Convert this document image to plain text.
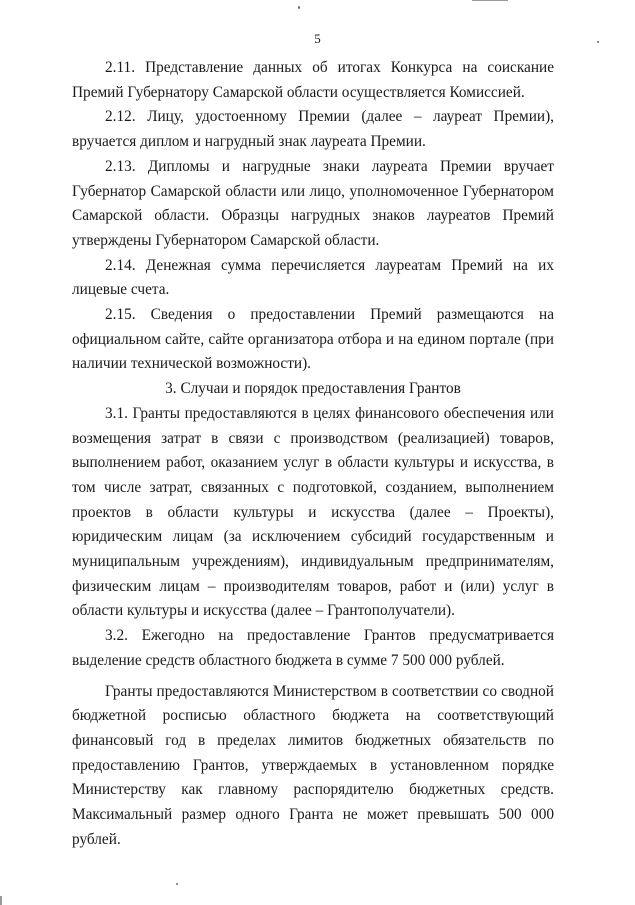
5

2.11. Представление данных об итогах Конкурса на соискание Премий Губернатору Самарской области осуществляется Комиссией.

2.12. Лицу, удостоенному Премии (далее – лауреат Премии), вручается диплом и нагрудный знак лауреата Премии.

2.13. Дипломы и нагрудные знаки лауреата Премии вручает Губернатор Самарской области или лицо, уполномоченное Губернатором Самарской области. Образцы нагрудных знаков лауреатов Премий утверждены Губернатором Самарской области.

2.14. Денежная сумма перечисляется лауреатам Премий на их лицевые счета.

2.15. Сведения о предоставлении Премий размещаются на официальном сайте, сайте организатора отбора и на едином портале (при наличии технической возможности).

3. Случаи и порядок предоставления Грантов

3.1. Гранты предоставляются в целях финансового обеспечения или возмещения затрат в связи с производством (реализацией) товаров, выполнением работ, оказанием услуг в области культуры и искусства, в том числе затрат, связанных с подготовкой, созданием, выполнением проектов в области культуры и искусства (далее – Проекты), юридическим лицам (за исключением субсидий государственным и муниципальным учреждениям), индивидуальным предпринимателям, физическим лицам – производителям товаров, работ и (или) услуг в области культуры и искусства (далее – Грантополучатели).

3.2. Ежегодно на предоставление Грантов предусматривается выделение средств областного бюджета в сумме 7 500 000 рублей.

Гранты предоставляются Министерством в соответствии со сводной бюджетной росписью областного бюджета на соответствующий финансовый год в пределах лимитов бюджетных обязательств по предоставлению Грантов, утверждаемых в установленном порядке Министерству как главному распорядителю бюджетных средств. Максимальный размер одного Гранта не может превышать 500 000 рублей.
